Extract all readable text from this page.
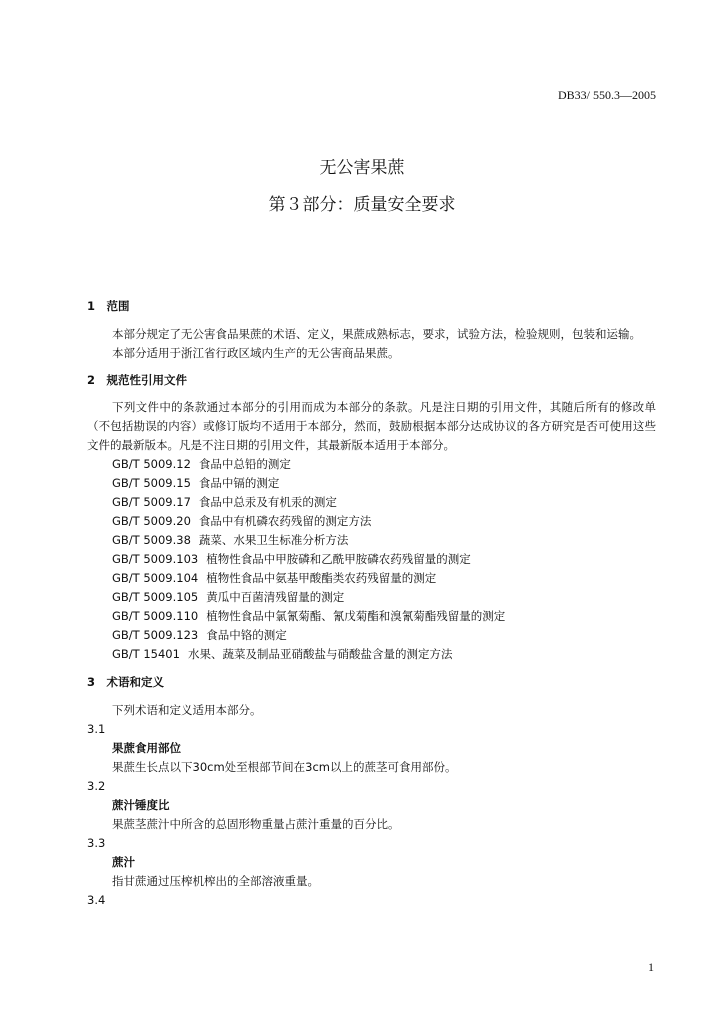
DB33/ 550.3—2005
无公害果蔗
第３部分：质量安全要求

1　范围

本部分规定了无公害食品果蔗的术语、定义，果蔗成熟标志，要求，试验方法，检验规则，包装和运输。

本部分适用于浙江省行政区域内生产的无公害商品果蔗。

2　规范性引用文件

下列文件中的条款通过本部分的引用而成为本部分的条款。凡是注日期的引用文件，其随后所有的修改单（不包括勘误的内容）或修订版均不适用于本部分，然而，鼓励根据本部分达成协议的各方研究是否可使用这些文件的最新版本。凡是不注日期的引用文件，其最新版本适用于本部分。

GB/T 5009.12 食品中总铅的测定
GB/T 5009.15 食品中镉的测定
GB/T 5009.17 食品中总汞及有机汞的测定
GB/T 5009.20 食品中有机磷农药残留的测定方法
GB/T 5009.38 蔬菜、水果卫生标准分析方法
GB/T 5009.103 植物性食品中甲胺磷和乙酰甲胺磷农药残留量的测定
GB/T 5009.104 植物性食品中氨基甲酸酯类农药残留量的测定
GB/T 5009.105 黄瓜中百菌清残留量的测定
GB/T 5009.110 植物性食品中氯氰菊酯、氰戊菊酯和溴氰菊酯残留量的测定
GB/T 5009.123 食品中铬的测定
GB/T 15401 水果、蔬菜及制品亚硝酸盐与硝酸盐含量的测定方法

3　术语和定义

下列术语和定义适用本部分。

3.1

果蔗食用部位

果蔗生长点以下30cm处至根部节间在3cm以上的蔗茎可食用部份。

3.2

蔗汁锤度比

果蔗茎蔗汁中所含的总固形物重量占蔗汁重量的百分比。

3.3

蔗汁

指甘蔗通过压榨机榨出的全部溶液重量。

3.4

1
